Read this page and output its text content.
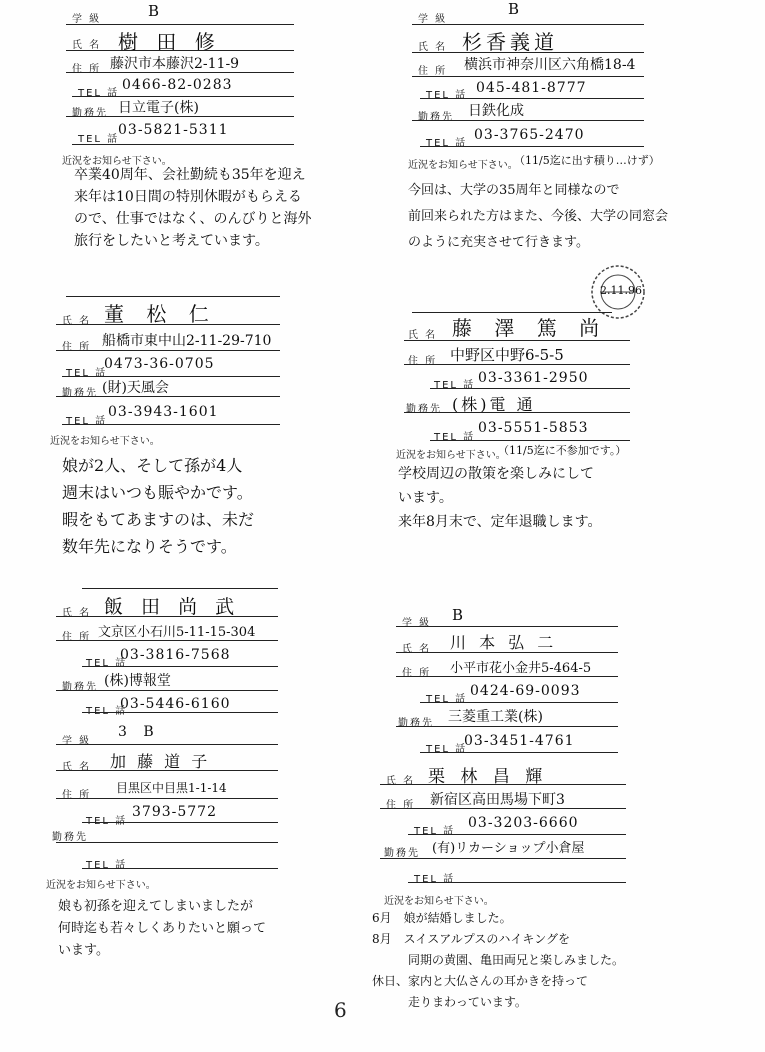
学 級	B
氏 名 樹 田 修
住 所 藤沢市本藤沢2-11-9
TEL 話
0466-82-0283
勤務先 日立電子(株)
TEL 話
03-5821-5311
近況をお知らせ下さい。
卒業40周年、会社勤続も35年を迎え
来年は10日間の特別休暇がもらえる
ので、仕事ではなく、のんびりと海外
旅行をしたいと考えています。
学 級
B
氏 名 杉香義道
住 所 横浜市神奈川区六角橋18-4
TEL 話 045-481-8777
勤務先 日鉄化成
TEL 話
03-3765-2470
近況をお知らせ下さい。
（11/5迄に出す積り…けず）
今回は、大学の35周年と同様なので
前回来られた方はまた、今後、大学の同窓会
のように充実させて行きます。
2.11.96
氏 名 董 松 仁
住 所 船橋市東中山2-11-29-710
TEL 話
0473-36-0705
勤務先 (財)天風会
TEL 話
03-3943-1601
近況をお知らせ下さい。
娘が2人、そして孫が4人
週末はいつも賑やかです。
暇をもてあますのは、未だ
数年先になりそうです。
氏 名 藤 澤 篤 尚
住 所 中野区中野6-5-5
TEL 話 03-3361-2950
勤務先 (株)電 通
TEL 話
03-5551-5853
近況をお知らせ下さい。
（11/5迄に不参加です。）
学校周辺の散策を楽しみにして
います。
来年8月末で、定年退職します。
氏 名 飯 田 尚 武
住 所 文京区小石川5-11-15-304
TEL 話
03-3816-7568
勤務先 (株)博報堂
TEL 話
03-5446-6160
学 級
3 B
氏 名 加 藤 道 子
住 所
目黒区中目黒1-1-14
TEL 話
3793-5772
勤務先
TEL 話
近況をお知らせ下さい。
娘も初孫を迎えてしまいましたが
何時迄も若々しくありたいと願って
います。
学 級 B
氏 名 川 本 弘 二
住 所 小平市花小金井5-464-5
TEL 話
0424-69-0093
勤務先 三菱重工業(株)
TEL 話
03-3451-4761
氏 名 栗 林 昌 輝
住 所 新宿区高田馬場下町3
TEL 話
03-3203-6660
勤務先 (有)リカーショップ小倉屋
TEL 話
近況をお知らせ下さい。
6月　娘が結婚しました。
8月　スイスアルプスのハイキングを
　　　同期の黄園、亀田両兄と楽しみました。
休日、家内と大仏さんの耳かきを持って
　　　走りまわっています。
6
